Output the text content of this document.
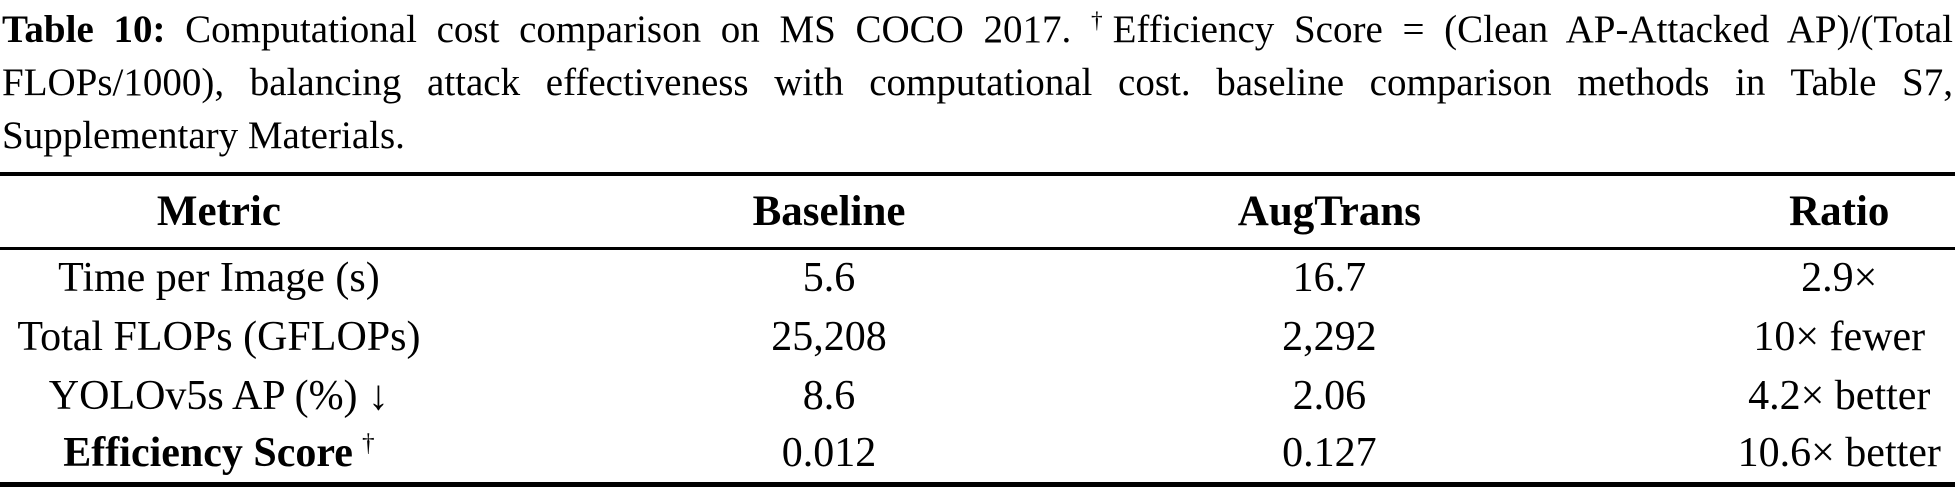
Table 10: Computational cost comparison on MS COCO 2017. †Efficiency Score = (Clean AP-Attacked AP)/(Total FLOPs/1000), balancing attack effectiveness with computational cost. baseline comparison methods in Table S7, Supplementary Materials.
Metric	Baseline	AugTrans	Ratio
Time per Image (s)	5.6	16.7	2.9×
Total FLOPs (GFLOPs)	25,208	2,292	10× fewer
YOLOv5s AP (%) ↓	8.6	2.06	4.2× better
Efficiency Score †	0.012	0.127	10.6× better
